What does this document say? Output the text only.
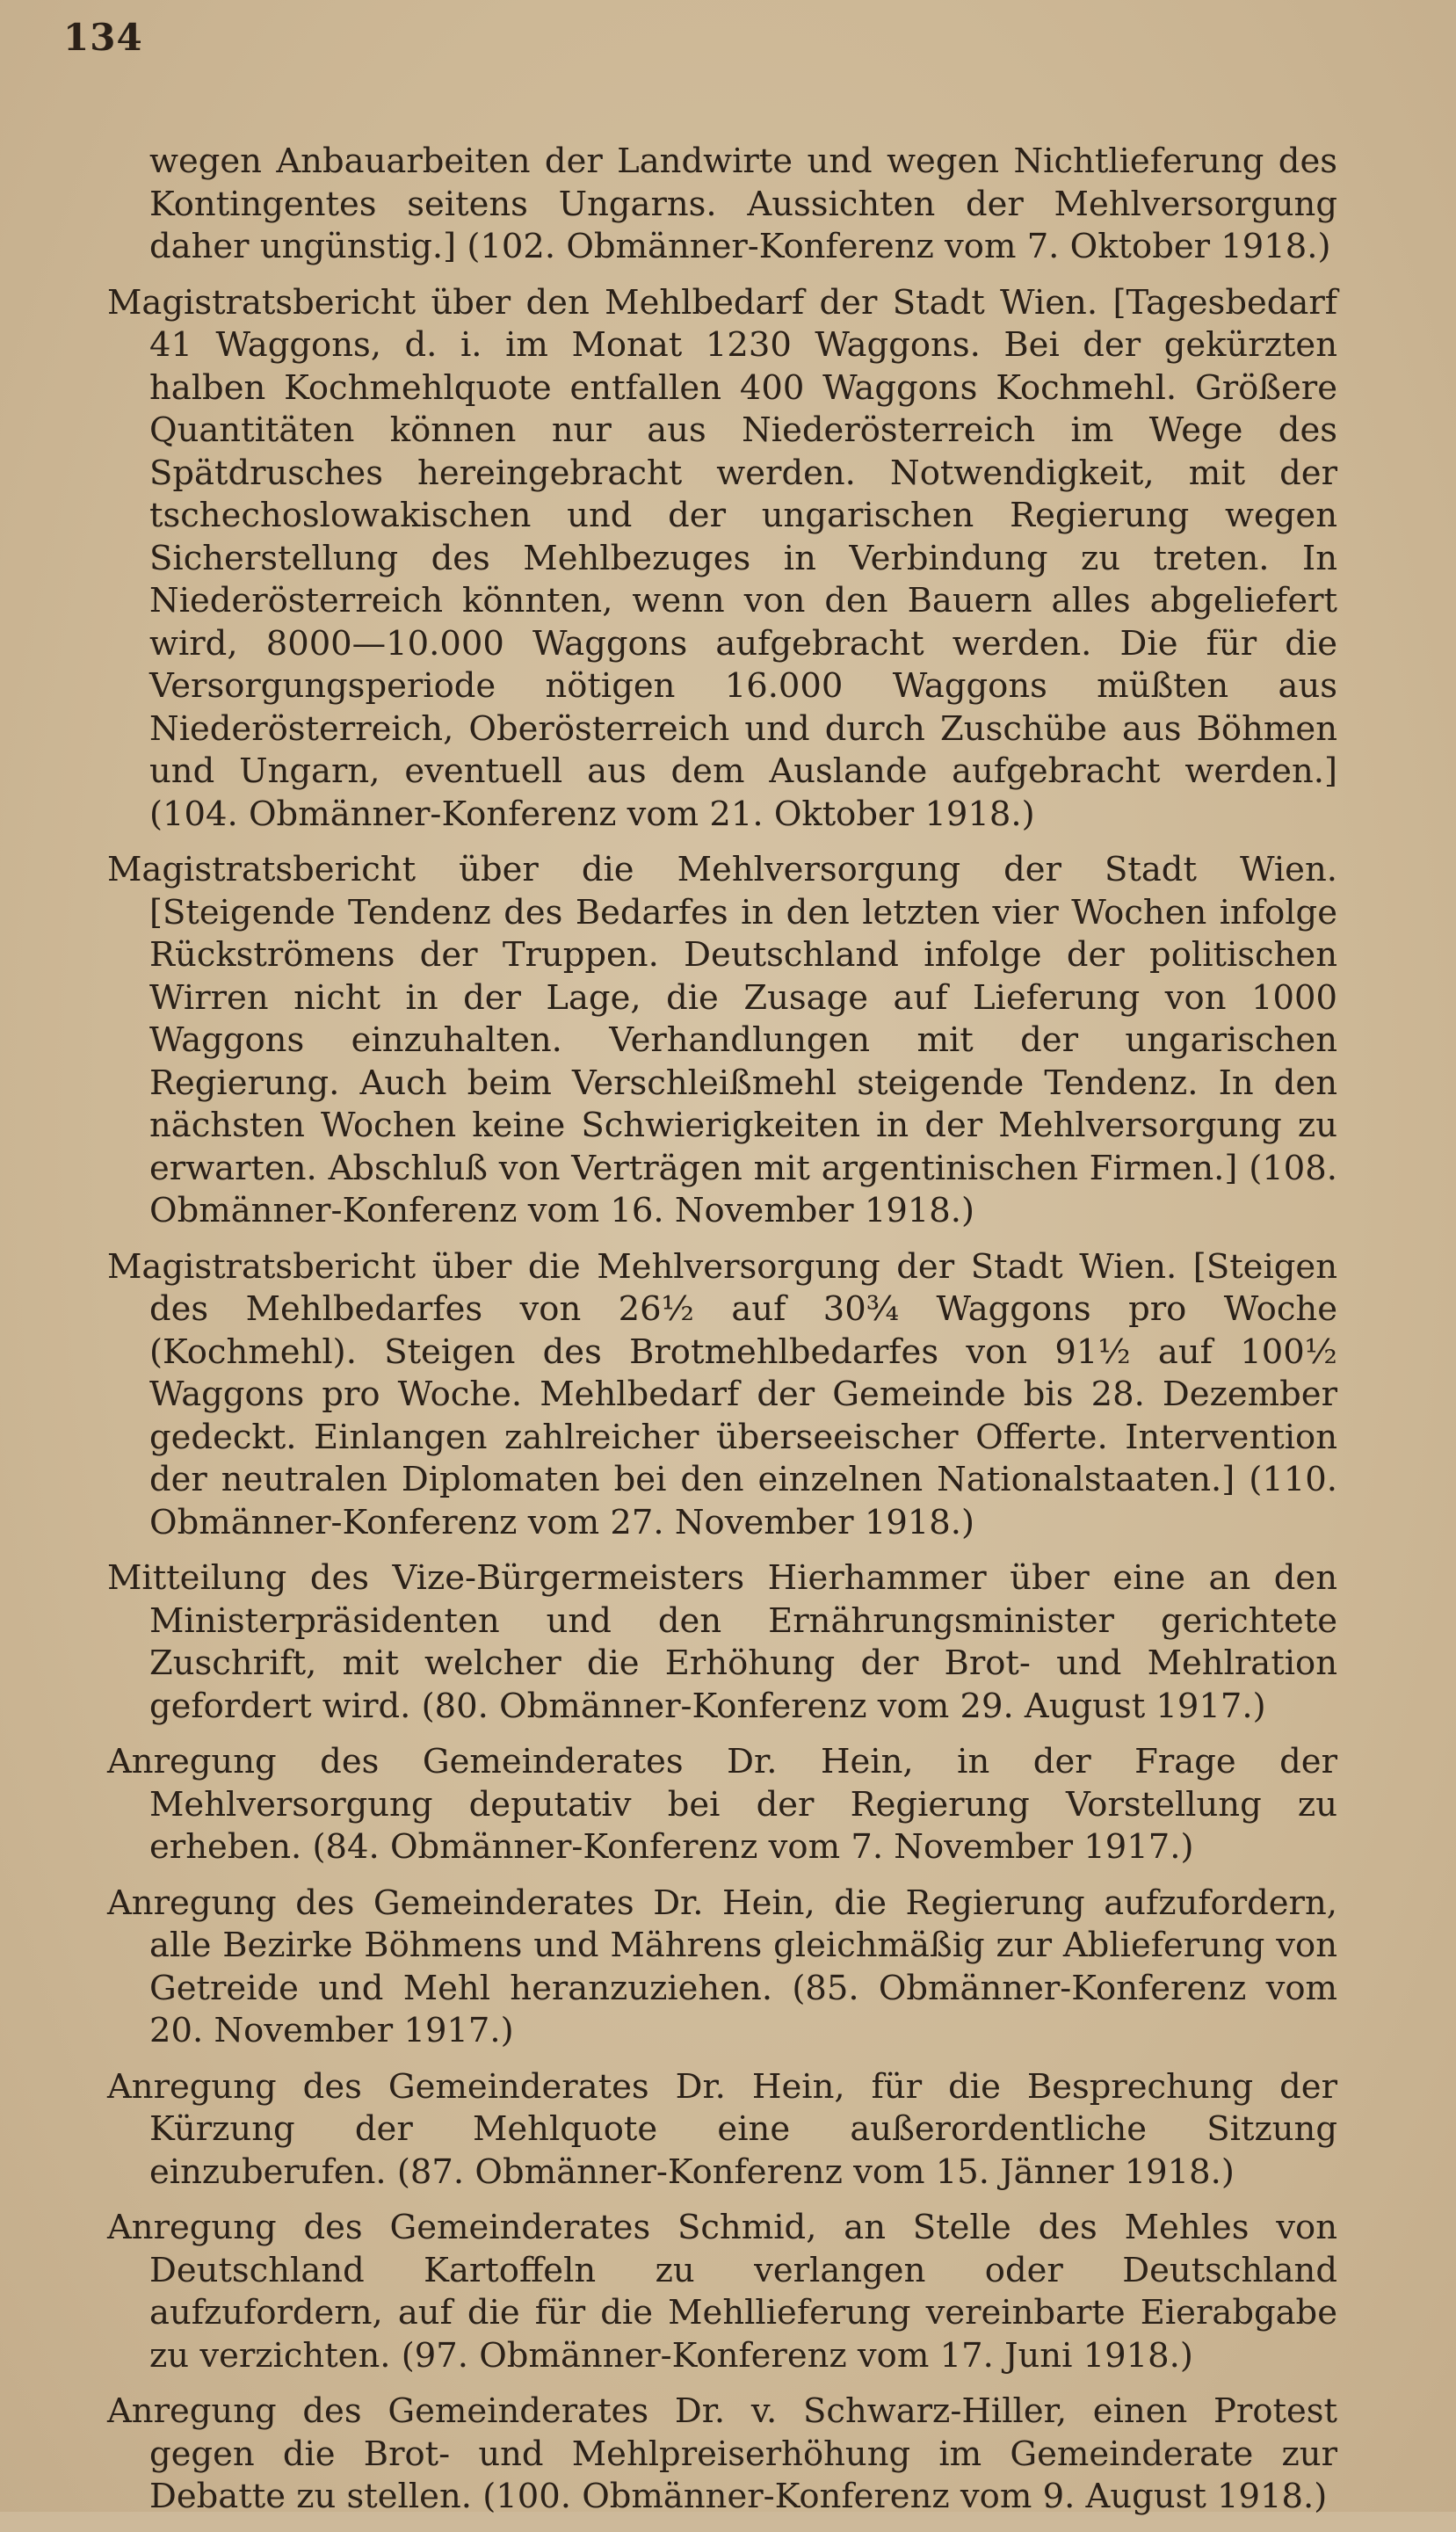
134

wegen Anbauarbeiten der Landwirte und wegen Nichtlieferung des Kontingentes seitens Ungarns. Aussichten der Mehlversorgung daher ungünstig.] (102. Obmänner-Konferenz vom 7. Oktober 1918.)

Magistratsbericht über den Mehlbedarf der Stadt Wien. [Tagesbedarf 41 Waggons, d. i. im Monat 1230 Waggons. Bei der gekürzten halben Kochmehlquote entfallen 400 Waggons Kochmehl. Größere Quantitäten können nur aus Niederösterreich im Wege des Spätdrusches hereingebracht werden. Notwendigkeit, mit der tschechoslowakischen und der ungarischen Regierung wegen Sicherstellung des Mehlbezuges in Verbindung zu treten. In Niederösterreich könnten, wenn von den Bauern alles abgeliefert wird, 8000—10.000 Waggons aufgebracht werden. Die für die Versorgungsperiode nötigen 16.000 Waggons müßten aus Niederösterreich, Oberösterreich und durch Zuschübe aus Böhmen und Ungarn, eventuell aus dem Auslande aufgebracht werden.] (104. Obmänner-Konferenz vom 21. Oktober 1918.)

Magistratsbericht über die Mehlversorgung der Stadt Wien. [Steigende Tendenz des Bedarfes in den letzten vier Wochen infolge Rückströmens der Truppen. Deutschland infolge der politischen Wirren nicht in der Lage, die Zusage auf Lieferung von 1000 Waggons einzuhalten. Verhandlungen mit der ungarischen Regierung. Auch beim Verschleißmehl steigende Tendenz. In den nächsten Wochen keine Schwierigkeiten in der Mehlversorgung zu erwarten. Abschluß von Verträgen mit argentinischen Firmen.] (108. Obmänner-Konferenz vom 16. November 1918.)

Magistratsbericht über die Mehlversorgung der Stadt Wien. [Steigen des Mehlbedarfes von 26½ auf 30¾ Waggons pro Woche (Kochmehl). Steigen des Brotmehlbedarfes von 91½ auf 100½ Waggons pro Woche. Mehlbedarf der Gemeinde bis 28. Dezember gedeckt. Einlangen zahlreicher überseeischer Offerte. Intervention der neutralen Diplomaten bei den einzelnen Nationalstaaten.] (110. Obmänner-Konferenz vom 27. November 1918.)

Mitteilung des Vize-Bürgermeisters Hierhammer über eine an den Ministerpräsidenten und den Ernährungsminister gerichtete Zuschrift, mit welcher die Erhöhung der Brot- und Mehlration gefordert wird. (80. Obmänner-Konferenz vom 29. August 1917.)

Anregung des Gemeinderates Dr. Hein, in der Frage der Mehlversorgung deputativ bei der Regierung Vorstellung zu erheben. (84. Obmänner-Konferenz vom 7. November 1917.)

Anregung des Gemeinderates Dr. Hein, die Regierung aufzufordern, alle Bezirke Böhmens und Mährens gleichmäßig zur Ablieferung von Getreide und Mehl heranzuziehen. (85. Obmänner-Konferenz vom 20. November 1917.)

Anregung des Gemeinderates Dr. Hein, für die Besprechung der Kürzung der Mehlquote eine außerordentliche Sitzung einzuberufen. (87. Obmänner-Konferenz vom 15. Jänner 1918.)

Anregung des Gemeinderates Schmid, an Stelle des Mehles von Deutschland Kartoffeln zu verlangen oder Deutschland aufzufordern, auf die für die Mehllieferung vereinbarte Eierabgabe zu verzichten. (97. Obmänner-Konferenz vom 17. Juni 1918.)

Anregung des Gemeinderates Dr. v. Schwarz-Hiller, einen Protest gegen die Brot- und Mehlpreiserhöhung im Gemeinderate zur Debatte zu stellen. (100. Obmänner-Konferenz vom 9. August 1918.)
